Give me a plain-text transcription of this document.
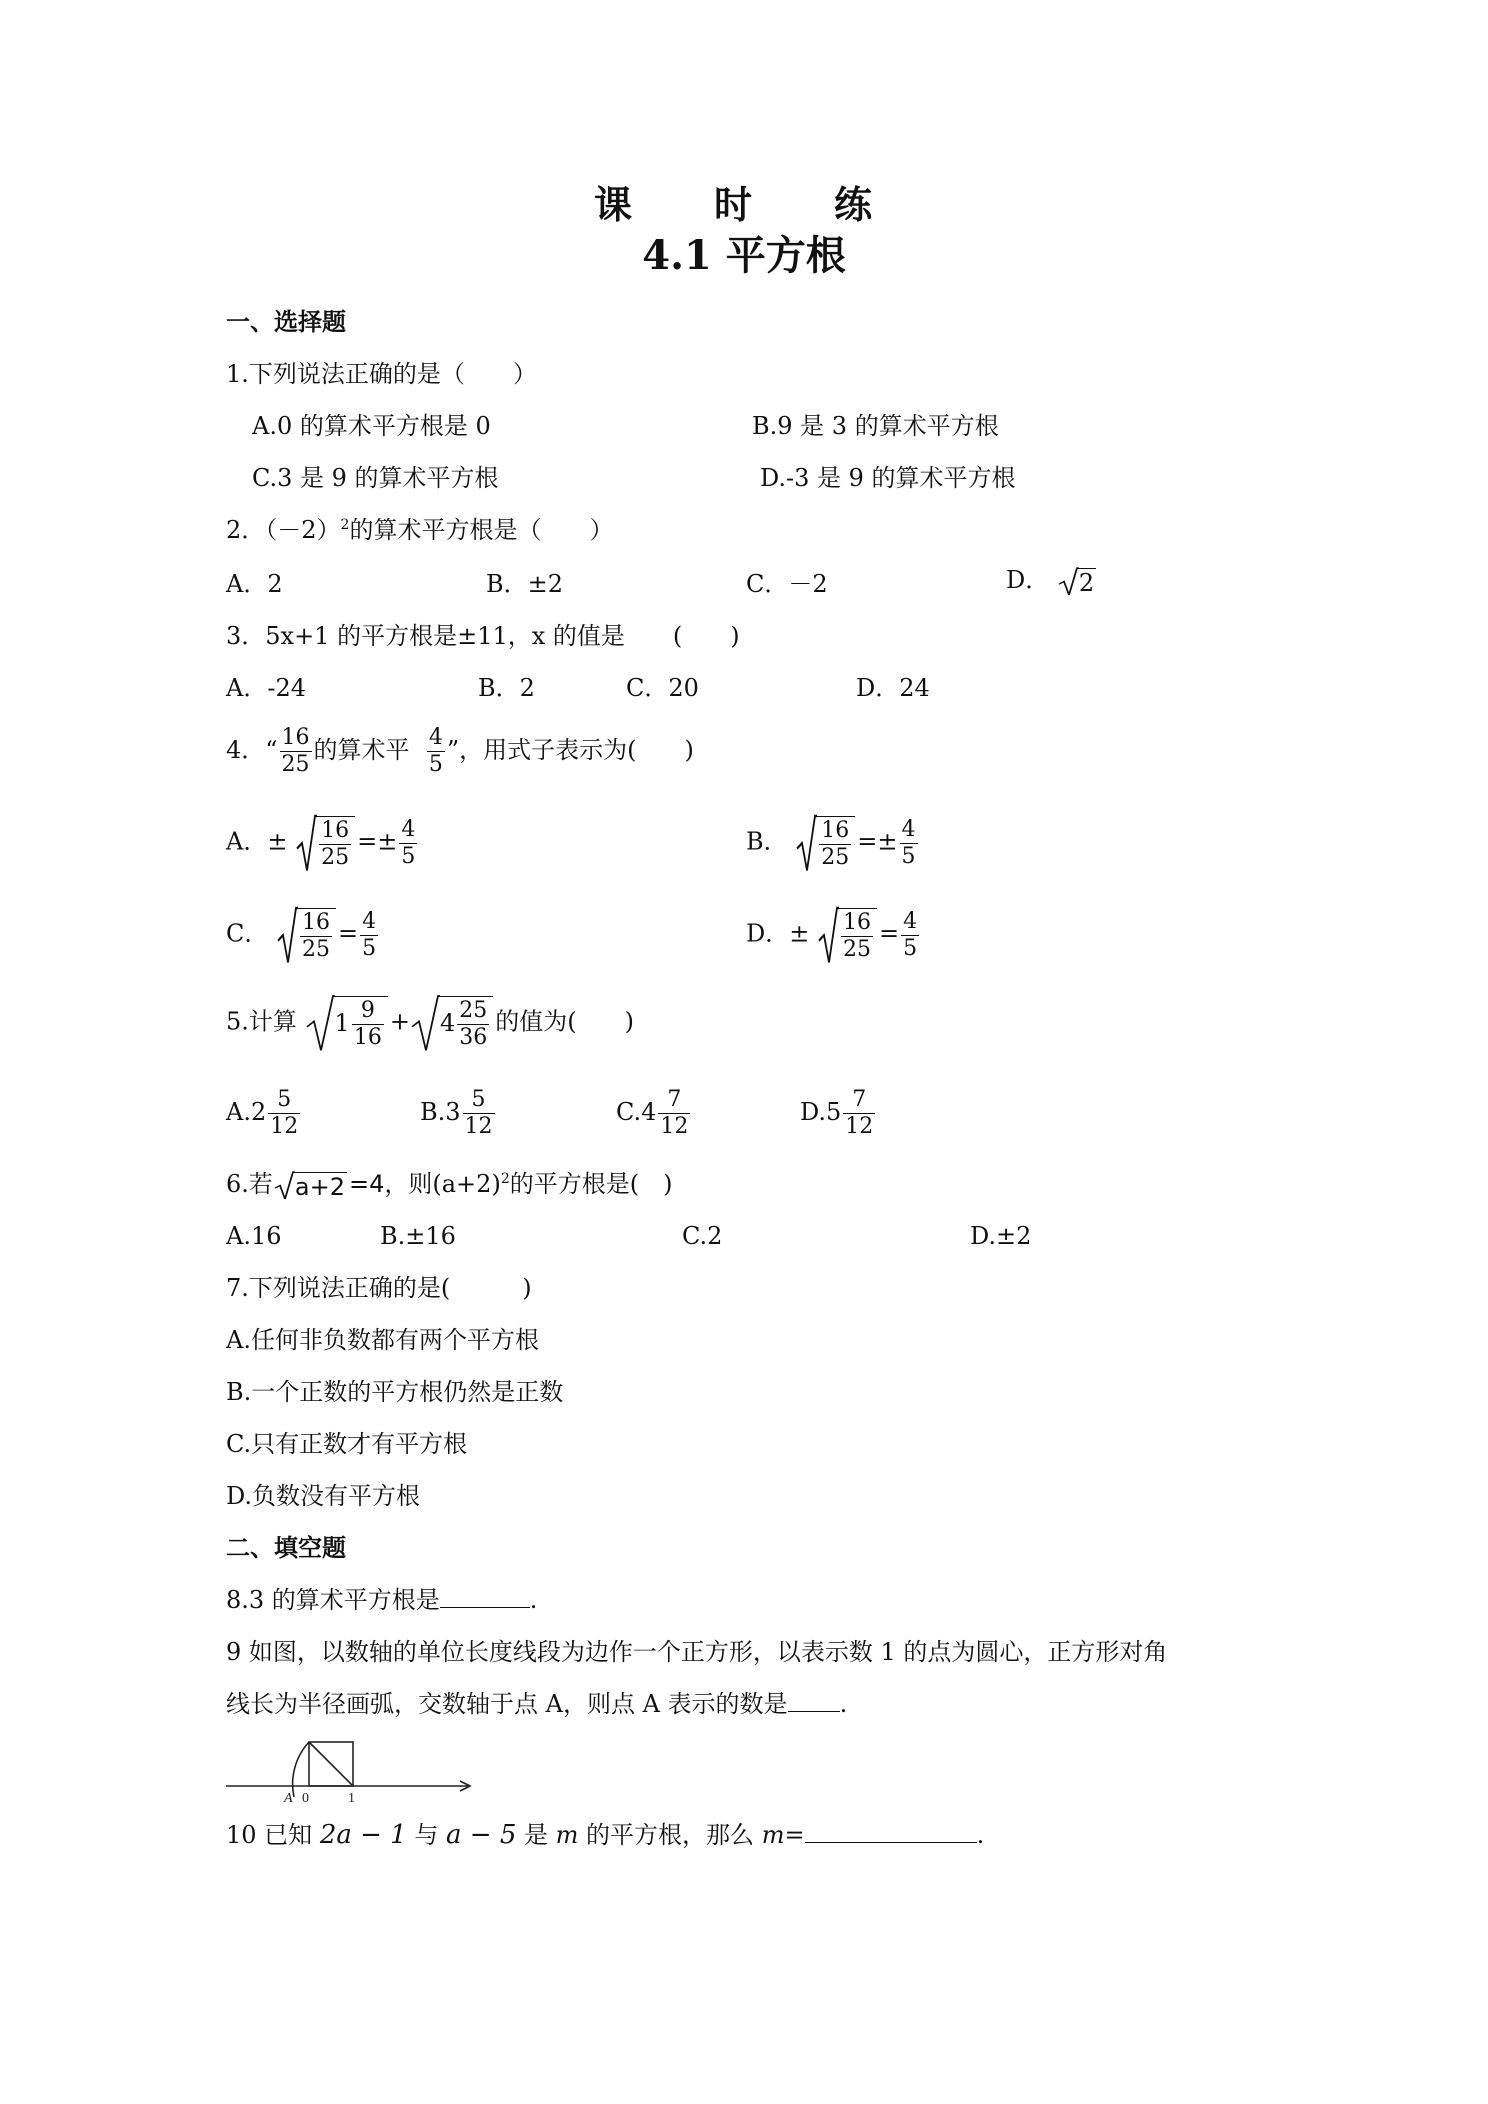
课　时　练
4.1 平方根
一、选择题
1.下列说法正确的是（　　）
A.0 的算术平方根是 0	B.9 是 3 的算术平方根
C.3 是 9 的算术平方根	D.-3 是 9 的算术平方根
2．$(-2)^2$的算术平方根是（　　）
A．2	B．±2	C．－2	D． 2
3．5x+1 的平方根是±11，x 的值是　　(　　)
A．-24	B．2	C．20	D．24
4．“ $\frac{16}{25}$ 的算术平 $\frac{4}{5}$ ”，用式子表示为(　　)
A．± $\frac{16}{25} =\pm \frac{4}{5}$	B． $\frac{16}{25} =\pm \frac{4}{5}$
C． $\frac{16}{25} = \frac{4}{5}$	D．± $\frac{16}{25} = \frac{4}{5}$
5.计算 $1 \frac{9}{16} + 4 \frac{25}{36}$ 的值为(　　)
$A.2 \frac{5}{12}$	$B.3 \frac{5}{12}$	$C.4 \frac{7}{12}$	$D.5 \frac{7}{12}$
6.若 a+2 =4，则$(a+2)^2$的平方根是(　)
A.16	B.±16	C.2	D.±2
7.下列说法正确的是(　　　)
A.任何非负数都有两个平方根
B.一个正数的平方根仍然是正数
C.只有正数才有平方根
D.负数没有平方根
二、填空题
8.3 的算术平方根是	.
9 如图，以数轴的单位长度线段为边作一个正方形，以表示数 1 的点为圆心，正方形对角
线长为半径画弧，交数轴于点 A，则点 A 表示的数是 .
A 0	1
10 已知 2a − 1 与 a − 5 是 m 的平方根，那么 m=	.
